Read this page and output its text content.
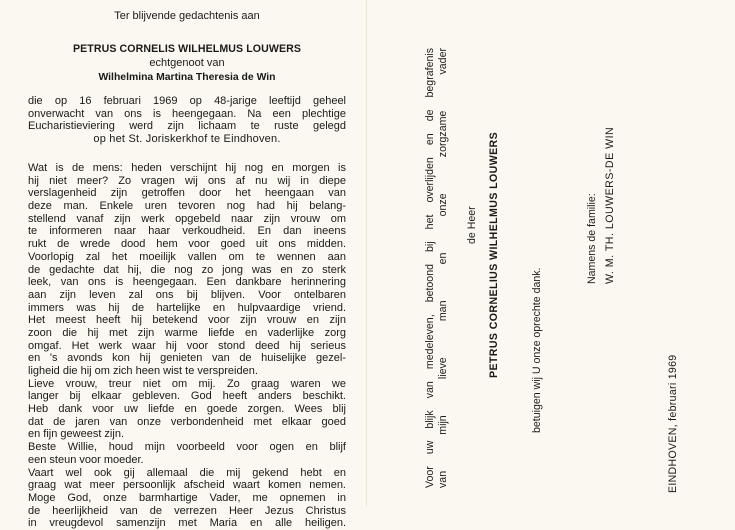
Ter blijvende gedachtenis aan
PETRUS CORNELIS WILHELMUS LOUWERS
echtgenoot van
Wilhelmina Martina Theresia de Win
die op 16 februari 1969 op 48-jarige leeftijd geheel
onverwacht van ons is heengegaan. Na een plechtige
Eucharistieviering werd zijn lichaam te ruste gelegd
op het St. Joriskerkhof te Eindhoven.
Wat is de mens: heden verschijnt hij nog en morgen is
hij niet meer? Zo vragen wij ons af nu wij in diepe
verslagenheid zijn getroffen door het heengaan van
deze man. Enkele uren tevoren nog had hij belang-
stellend vanaf zijn werk opgebeld naar zijn vrouw om
te informeren naar haar verkoudheid. En dan ineens
rukt de wrede dood hem voor goed uit ons midden.
Voorlopig zal het moeilijk vallen om te wennen aan
de gedachte dat hij, die nog zo jong was en zo sterk
leek, van ons is heengegaan. Een dankbare herinnering
aan zijn leven zal ons bij blijven. Voor ontelbaren
immers was hij de hartelijke en hulpvaardige vriend.
Het meest heeft hij betekend voor zijn vrouw en zijn
zoon die hij met zijn warme liefde en vaderlijke zorg
omgaf. Het werk waar hij voor stond deed hij serieus
en 's avonds kon hij genieten van de huiselijke gezel-
ligheid die hij om zich heen wist te verspreiden.
Lieve vrouw, treur niet om mij. Zo graag waren we
langer bij elkaar gebleven. God heeft anders beschikt.
Heb dank voor uw liefde en goede zorgen. Wees blij
dat de jaren van onze verbondenheid met elkaar goed
en fijn geweest zijn.
Beste Willie, houd mijn voorbeeld voor ogen en blijf
een steun voor moeder.
Vaart wel ook gij allemaal die mij gekend hebt en
graag wat meer persoonlijk afscheid waart komen nemen.
Moge God, onze barmhartige Vader, me opnemen in
de heerlijkheid van de verrezen Heer Jezus Christus
in vreugdevol samenzijn met Maria en alle heiligen.
Voor uw blijk van medeleven, betoond bij het overlijden en de begrafenis van mijn lieve man en onze zorgzame vader de Heer PETRUS CORNELIUS WILHELMUS LOUWERS	betuigen wij U onze oprechte dank.
Namens de familie: W. M. TH. LOUWERS-DE WIN
EINDHOVEN, februari 1969
